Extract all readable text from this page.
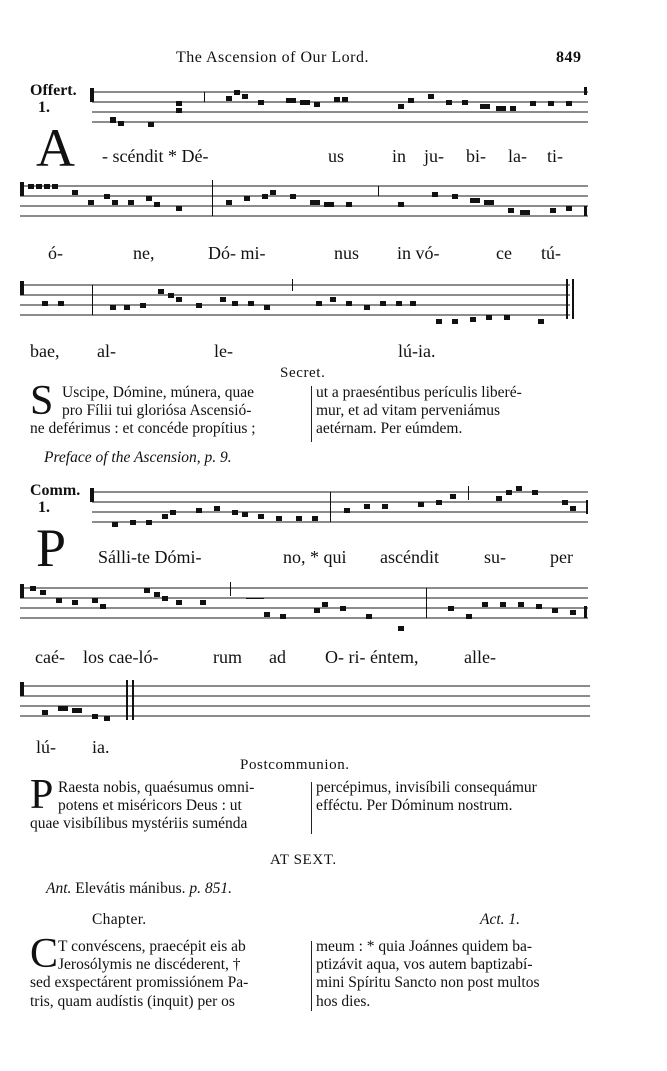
The Ascension of Our Lord.	849
Offert.
1.
A - scéndit * Dé-	us	in ju- bi- la- ti-
ó-	ne,	Dó- mi-	nus in vó-	ce tú-
bae, al-	le-	lú-ia.
Secret.
S Uscipe, Dómine, múnera, quae
pro Fílii tui gloriósa Ascensió-
ne deférimus : et concéde propítius ;
ut a praeséntibus perículis liberé-
mur, et ad vitam perveniámus
aetérnam. Per eúmdem.
Preface of the Ascension, p. 9.
Comm.
1.
P Sálli-te Dómi-	no, * qui ascéndit	su- per
caé- los cae-ló-	rum ad O- ri- éntem,	alle-
lú- ia.
Postcommunion.
P Raesta nobis, quaésumus omni-
potens et miséricors Deus : ut
quae visibílibus mystériis suménda
percépimus, invisíbili consequámur
efféctu. Per Dóminum nostrum.
AT SEXT.
Ant. Elevátis mánibus. p. 851.
Chapter.	Act. 1.
C T convéscens, praecépit eis ab
Jerosólymis ne discéderent, †
sed exspectárent promissiónem Pa-
tris, quam audístis (inquit) per os
meum : * quia Joánnes quidem ba-
ptizávit aqua, vos autem baptizabí-
mini Spíritu Sancto non post multos
hos dies.
